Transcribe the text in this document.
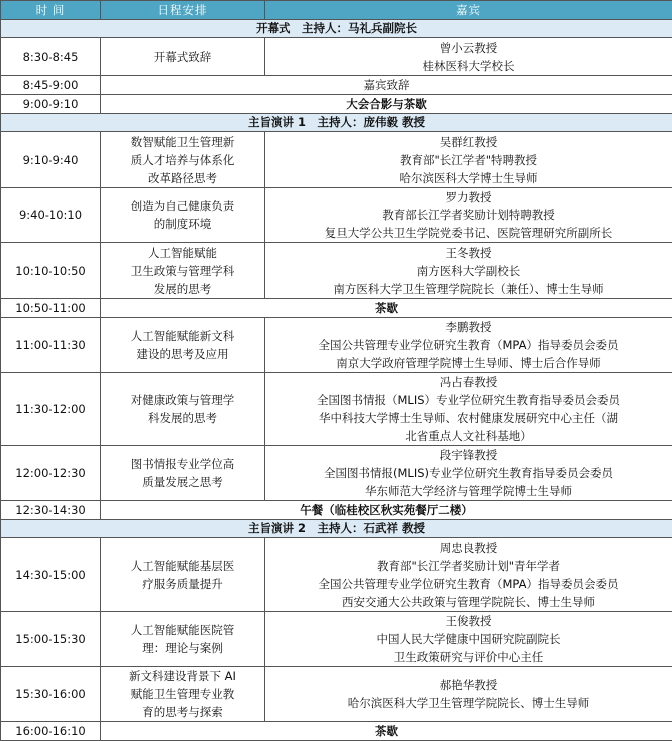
时 间	日程安排	嘉宾
开幕式　主持人：马礼兵副院长		
8:30-8:45	开幕式致辞	曾小云教授
桂林医科大学校长

8:45-9:00	嘉宾致辞	
9:00-9:10	大会合影与茶歇	
主旨演讲 1　主持人：庞伟毅 教授		
9:10-9:40	数智赋能卫生管理新
质人才培养与体系化
改革路径思考	吴群红教授
教育部"长江学者"特聘教授
哈尔滨医科大学博士生导师

9:40-10:10	创造为自己健康负责
的制度环境	罗力教授
教育部长江学者奖励计划特聘教授
复旦大学公共卫生学院党委书记、医院管理研究所副所长

10:10-10:50	人工智能赋能
卫生政策与管理学科
发展的思考	王冬教授
南方医科大学副校长
南方医科大学卫生管理学院院长（兼任）、博士生导师

10:50-11:00	茶歇	
11:00-11:30	人工智能赋能新文科
建设的思考及应用	李鹏教授
全国公共管理专业学位研究生教育（MPA）指导委员会委员
南京大学政府管理学院博士生导师、博士后合作导师

11:30-12:00	对健康政策与管理学
科发展的思考	冯占春教授
全国图书情报（MLIS）专业学位研究生教育指导委员会委员
华中科技大学博士生导师、农村健康发展研究中心主任（湖
北省重点人文社科基地）

12:00-12:30	图书情报专业学位高
质量发展之思考	段宇锋教授
全国图书情报(MLIS)专业学位研究生教育指导委员会委员
华东师范大学经济与管理学院博士生导师

12:30-14:30	午餐（临桂校区秋实苑餐厅二楼）	
主旨演讲 2　主持人：石武祥 教授		
14:30-15:00	人工智能赋能基层医
疗服务质量提升	周忠良教授
教育部"长江学者奖励计划"青年学者
全国公共管理专业学位研究生教育（MPA）指导委员会委员
西安交通大公共政策与管理学院院长、博士生导师

15:00-15:30	人工智能赋能医院管
理：理论与案例	王俊教授
中国人民大学健康中国研究院副院长
卫生政策研究与评价中心主任

15:30-16:00	新文科建设背景下 AI
赋能卫生管理专业教
育的思考与探索	郝艳华教授
哈尔滨医科大学卫生管理学院院长、博士生导师

16:00-16:10	茶歇	
